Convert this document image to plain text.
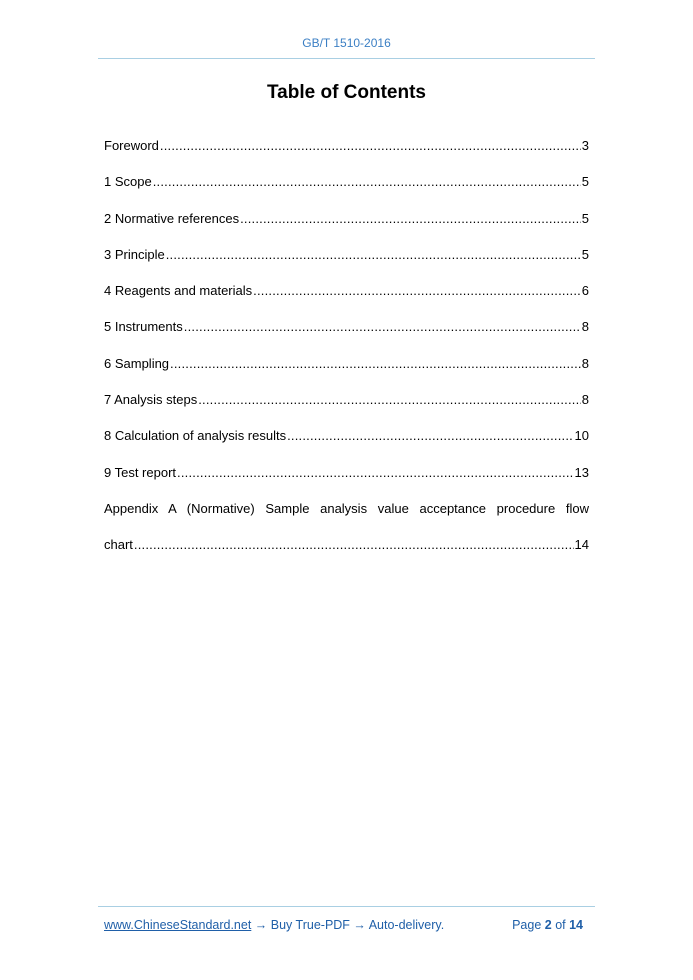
GB/T 1510-2016
Table of Contents
Foreword .....	3
1 Scope .....	5
2 Normative references .....	5
3 Principle .....	5
4 Reagents and materials .....	6
5 Instruments .....	8
6 Sampling .....	8
7 Analysis steps .....	8
8 Calculation of analysis results .....	10
9 Test report .....	13
Appendix A (Normative) Sample analysis value acceptance procedure flow
chart .....	14
www.ChineseStandard.net → Buy True-PDF → Auto-delivery.	Page 2 of 14
